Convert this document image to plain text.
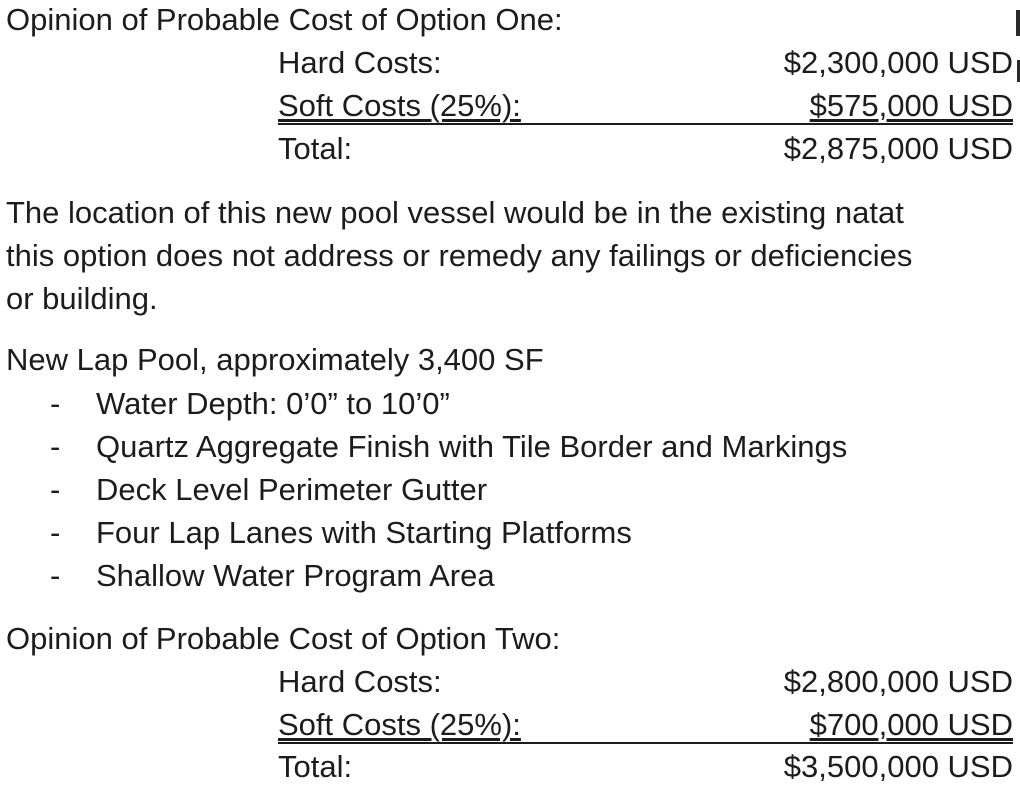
Opinion of Probable Cost of Option One:
Hard Costs:	$2,300,000 USD
Soft Costs (25%):	$575,000 USD
Total:	$2,875,000 USD
The location of this new pool vessel would be in the existing natat
this option does not address or remedy any failings or deficiencies
or building.
New Lap Pool, approximately 3,400 SF
- Water Depth: 0’0” to 10’0”
- Quartz Aggregate Finish with Tile Border and Markings
- Deck Level Perimeter Gutter
- Four Lap Lanes with Starting Platforms
- Shallow Water Program Area
Opinion of Probable Cost of Option Two:
Hard Costs:	$2,800,000 USD
Soft Costs (25%):	$700,000 USD
Total:	$3,500,000 USD
